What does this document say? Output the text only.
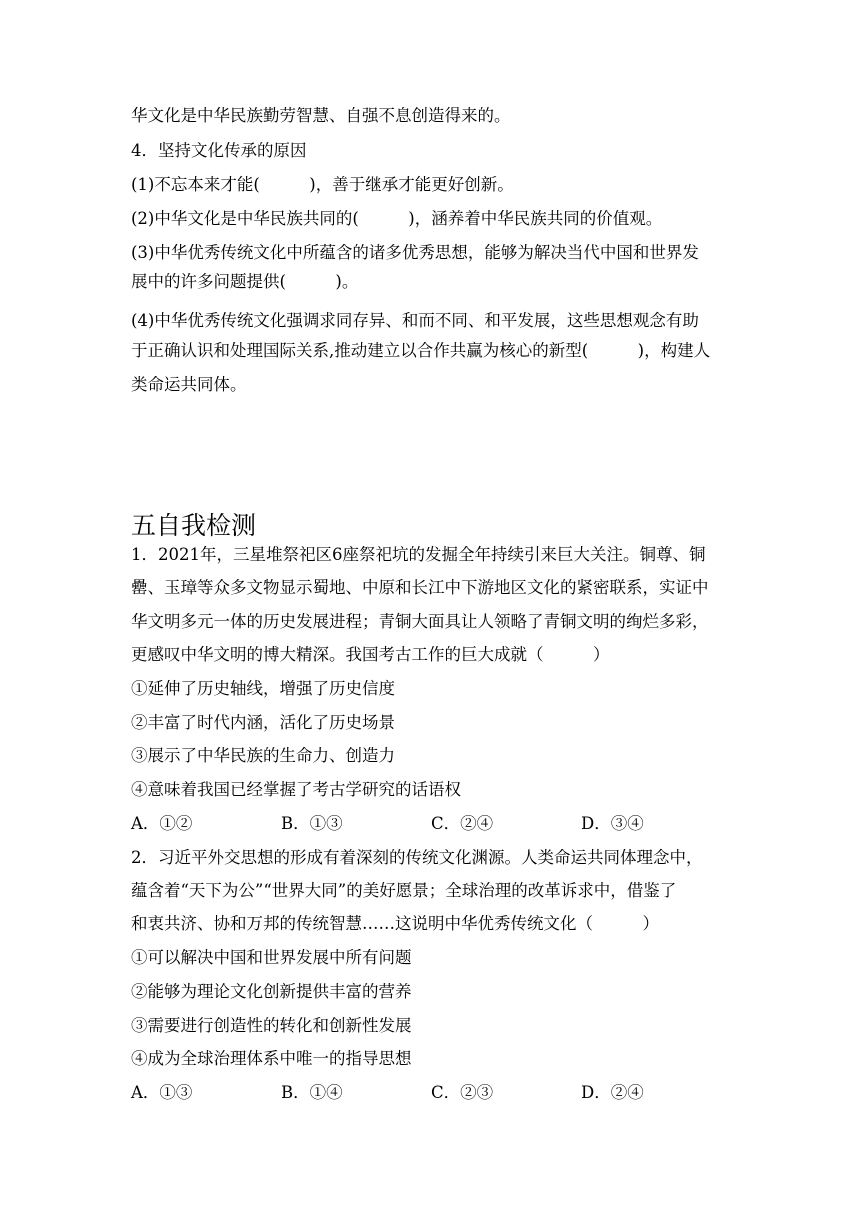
华文化是中华民族勤劳智慧、自强不息创造得来的。
4．坚持文化传承的原因
(1)不忘本来才能(　　　)，善于继承才能更好创新。
(2)中华文化是中华民族共同的(　　　)，涵养着中华民族共同的价值观。
(3)中华优秀传统文化中所蕴含的诸多优秀思想，能够为解决当代中国和世界发
展中的许多问题提供(　　　)。
(4)中华优秀传统文化强调求同存异、和而不同、和平发展，这些思想观念有助
于正确认识和处理国际关系,推动建立以合作共赢为核心的新型(　　　)，构建人
类命运共同体。
五自我检测
1．2021年，三星堆祭祀区6座祭祀坑的发掘全年持续引来巨大关注。铜尊、铜
罍、玉璋等众多文物显示蜀地、中原和长江中下游地区文化的紧密联系，实证中
华文明多元一体的历史发展进程；青铜大面具让人领略了青铜文明的绚烂多彩，
更感叹中华文明的博大精深。我国考古工作的巨大成就（　　　）
①延伸了历史轴线，增强了历史信度
②丰富了时代内涵，活化了历史场景
③展示了中华民族的生命力、创造力
④意味着我国已经掌握了考古学研究的话语权
A．①②	B．①③	C．②④	D．③④
2．习近平外交思想的形成有着深刻的传统文化渊源。人类命运共同体理念中，
蕴含着“天下为公”“世界大同”的美好愿景；全球治理的改革诉求中，借鉴了
和衷共济、协和万邦的传统智慧……这说明中华优秀传统文化（　　　）
①可以解决中国和世界发展中所有问题
②能够为理论文化创新提供丰富的营养
③需要进行创造性的转化和创新性发展
④成为全球治理体系中唯一的指导思想
A．①③	B．①④	C．②③	D．②④
